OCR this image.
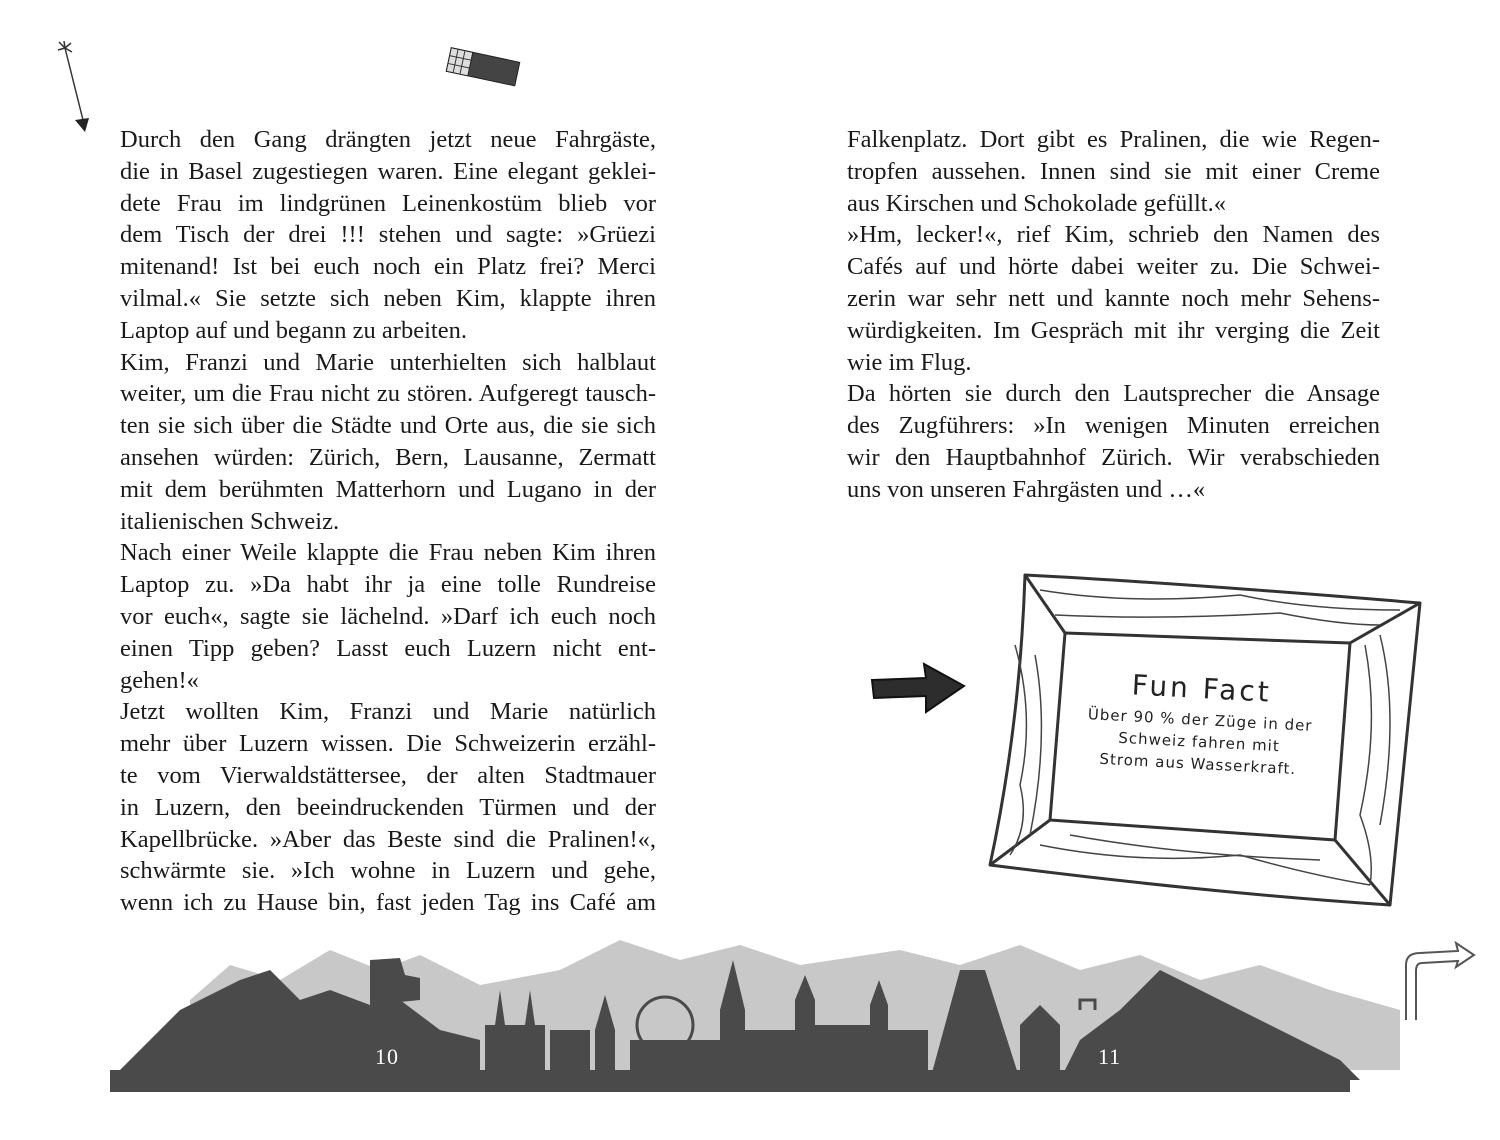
Durch den Gang drängten jetzt neue Fahrgäste,
die in Basel zugestiegen waren. Eine elegant geklei-
dete Frau im lindgrünen Leinenkostüm blieb vor
dem Tisch der drei !!! stehen und sagte: »Grüezi
mitenand! Ist bei euch noch ein Platz frei? Merci
vilmal.« Sie setzte sich neben Kim, klappte ihren
Laptop auf und begann zu arbeiten.
Kim, Franzi und Marie unterhielten sich halblaut
weiter, um die Frau nicht zu stören. Aufgeregt tausch-
ten sie sich über die Städte und Orte aus, die sie sich
ansehen würden: Zürich, Bern, Lausanne, Zermatt
mit dem berühmten Matterhorn und Lugano in der
italienischen Schweiz.
Nach einer Weile klappte die Frau neben Kim ihren
Laptop zu. »Da habt ihr ja eine tolle Rundreise
vor euch«, sagte sie lächelnd. »Darf ich euch noch
einen Tipp geben? Lasst euch Luzern nicht ent-
gehen!«
Jetzt wollten Kim, Franzi und Marie natürlich
mehr über Luzern wissen. Die Schweizerin erzähl-
te vom Vierwaldstättersee, der alten Stadtmauer
in Luzern, den beeindruckenden Türmen und der
Kapellbrücke. »Aber das Beste sind die Pralinen!«,
schwärmte sie. »Ich wohne in Luzern und gehe,
wenn ich zu Hause bin, fast jeden Tag ins Café am
Falkenplatz. Dort gibt es Pralinen, die wie Regen-
tropfen aussehen. Innen sind sie mit einer Creme
aus Kirschen und Schokolade gefüllt.«
»Hm, lecker!«, rief Kim, schrieb den Namen des
Cafés auf und hörte dabei weiter zu. Die Schwei-
zerin war sehr nett und kannte noch mehr Sehens-
würdigkeiten. Im Gespräch mit ihr verging die Zeit
wie im Flug.
Da hörten sie durch den Lautsprecher die Ansage
des Zugführers: »In wenigen Minuten erreichen
wir den Hauptbahnhof Zürich. Wir verabschieden
uns von unseren Fahrgästen und …«
Fun Fact
Über 90 % der Züge in der
Schweiz fahren mit
Strom aus Wasserkraft.
10	11
